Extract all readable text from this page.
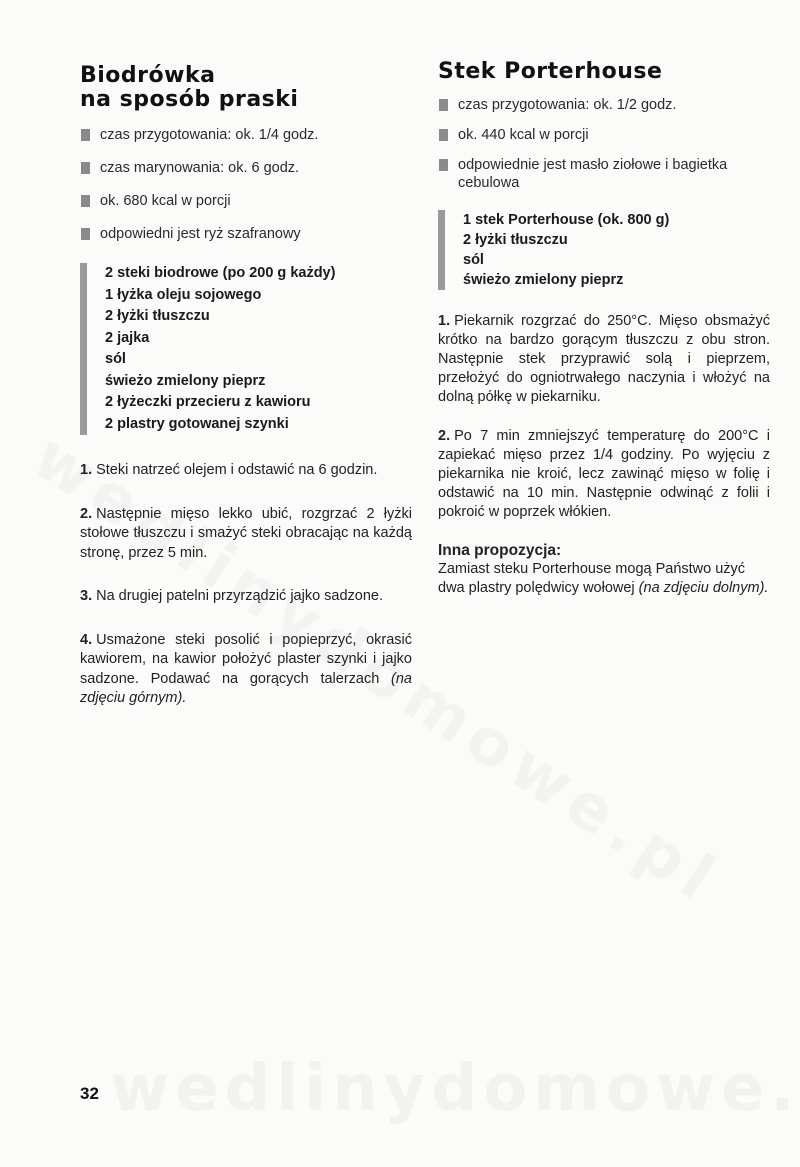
Biodrówka
na sposób praski
czas przygotowania: ok. 1/4 godz.
czas marynowania: ok. 6 godz.
ok. 680 kcal w porcji
odpowiedni jest ryż szafranowy
2 steki biodrowe (po 200 g każdy)
1 łyżka oleju sojowego
2 łyżki tłuszczu
2 jajka
sól
świeżo zmielony pieprz
2 łyżeczki przecieru z kawioru
2 plastry gotowanej szynki

1. Steki natrzeć olejem i odstawić na 6 godzin.

2. Następnie mięso lekko ubić, rozgrzać 2 łyżki stołowe tłuszczu i smażyć steki obracając na każdą stronę, przez 5 min.

3. Na drugiej patelni przyrządzić jajko sadzone.

4. Usmażone steki posolić i popieprzyć, okrasić kawiorem, na kawior położyć plaster szynki i jajko sadzone. Podawać na gorących talerzach (na zdjęciu górnym).

Stek Porterhouse
czas przygotowania: ok. 1/2 godz.
ok. 440 kcal w porcji
odpowiednie jest masło ziołowe i bagietka cebulowa
1 stek Porterhouse (ok. 800 g)
2 łyżki tłuszczu
sól
świeżo zmielony pieprz

1. Piekarnik rozgrzać do 250°C. Mięso obsmażyć krótko na bardzo gorącym tłuszczu z obu stron. Następnie stek przyprawić solą i pieprzem, przełożyć do ogniotrwałego naczynia i włożyć na dolną półkę w piekarniku.

2. Po 7 min zmniejszyć temperaturę do 200°C i zapiekać mięso przez 1/4 godziny. Po wyjęciu z piekarnika nie kroić, lecz zawinąć mięso w folię i odstawić na 10 min. Następnie odwinąć z folii i pokroić w poprzek włókien.

Inna propozycja:

Zamiast steku Porterhouse mogą Państwo użyć dwa plastry polędwicy wołowej (na zdjęciu dolnym).

32
